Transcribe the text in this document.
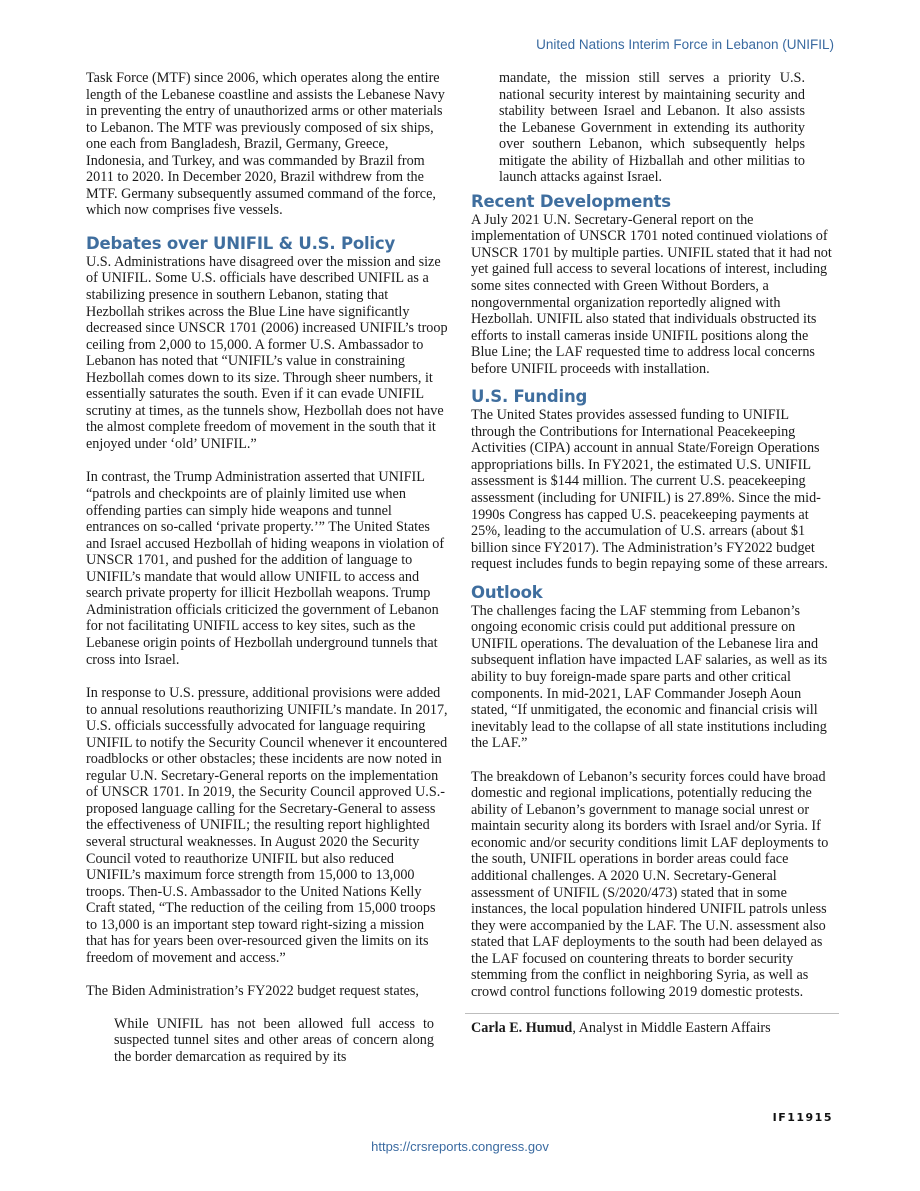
United Nations Interim Force in Lebanon (UNIFIL)

Task Force (MTF) since 2006, which operates along the entire length of the Lebanese coastline and assists the Lebanese Navy in preventing the entry of unauthorized arms or other materials to Lebanon. The MTF was previously composed of six ships, one each from Bangladesh, Brazil, Germany, Greece, Indonesia, and Turkey, and was commanded by Brazil from 2011 to 2020. In December 2020, Brazil withdrew from the MTF. Germany subsequently assumed command of the force, which now comprises five vessels.

Debates over UNIFIL & U.S. Policy

U.S. Administrations have disagreed over the mission and size of UNIFIL. Some U.S. officials have described UNIFIL as a stabilizing presence in southern Lebanon, stating that Hezbollah strikes across the Blue Line have significantly decreased since UNSCR 1701 (2006) increased UNIFIL’s troop ceiling from 2,000 to 15,000. A former U.S. Ambassador to Lebanon has noted that “UNIFIL’s value in constraining Hezbollah comes down to its size. Through sheer numbers, it essentially saturates the south. Even if it can evade UNIFIL scrutiny at times, as the tunnels show, Hezbollah does not have the almost complete freedom of movement in the south that it enjoyed under ‘old’ UNIFIL.”

In contrast, the Trump Administration asserted that UNIFIL “patrols and checkpoints are of plainly limited use when offending parties can simply hide weapons and tunnel entrances on so-called ‘private property.’” The United States and Israel accused Hezbollah of hiding weapons in violation of UNSCR 1701, and pushed for the addition of language to UNIFIL’s mandate that would allow UNIFIL to access and search private property for illicit Hezbollah weapons. Trump Administration officials criticized the government of Lebanon for not facilitating UNIFIL access to key sites, such as the Lebanese origin points of Hezbollah underground tunnels that cross into Israel.

In response to U.S. pressure, additional provisions were added to annual resolutions reauthorizing UNIFIL’s mandate. In 2017, U.S. officials successfully advocated for language requiring UNIFIL to notify the Security Council whenever it encountered roadblocks or other obstacles; these incidents are now noted in regular U.N. Secretary-General reports on the implementation of UNSCR 1701. In 2019, the Security Council approved U.S.-proposed language calling for the Secretary-General to assess the effectiveness of UNIFIL; the resulting report highlighted several structural weaknesses. In August 2020 the Security Council voted to reauthorize UNIFIL but also reduced UNIFIL’s maximum force strength from 15,000 to 13,000 troops. Then-U.S. Ambassador to the United Nations Kelly Craft stated, “The reduction of the ceiling from 15,000 troops to 13,000 is an important step toward right-sizing a mission that has for years been over-resourced given the limits on its freedom of movement and access.”

The Biden Administration’s FY2022 budget request states,

While UNIFIL has not been allowed full access to suspected tunnel sites and other areas of concern along the border demarcation as required by its
mandate, the mission still serves a priority U.S. national security interest by maintaining security and stability between Israel and Lebanon. It also assists the Lebanese Government in extending its authority over southern Lebanon, which subsequently helps mitigate the ability of Hizballah and other militias to launch attacks against Israel.
Recent Developments

A July 2021 U.N. Secretary-General report on the implementation of UNSCR 1701 noted continued violations of UNSCR 1701 by multiple parties. UNIFIL stated that it had not yet gained full access to several locations of interest, including some sites connected with Green Without Borders, a nongovernmental organization reportedly aligned with Hezbollah. UNIFIL also stated that individuals obstructed its efforts to install cameras inside UNIFIL positions along the Blue Line; the LAF requested time to address local concerns before UNIFIL proceeds with installation.

U.S. Funding

The United States provides assessed funding to UNIFIL through the Contributions for International Peacekeeping Activities (CIPA) account in annual State/Foreign Operations appropriations bills. In FY2021, the estimated U.S. UNIFIL assessment is $144 million. The current U.S. peacekeeping assessment (including for UNIFIL) is 27.89%. Since the mid-1990s Congress has capped U.S. peacekeeping payments at 25%, leading to the accumulation of U.S. arrears (about $1 billion since FY2017). The Administration’s FY2022 budget request includes funds to begin repaying some of these arrears.

Outlook

The challenges facing the LAF stemming from Lebanon’s ongoing economic crisis could put additional pressure on UNIFIL operations. The devaluation of the Lebanese lira and subsequent inflation have impacted LAF salaries, as well as its ability to buy foreign-made spare parts and other critical components. In mid-2021, LAF Commander Joseph Aoun stated, “If unmitigated, the economic and financial crisis will inevitably lead to the collapse of all state institutions including the LAF.”

The breakdown of Lebanon’s security forces could have broad domestic and regional implications, potentially reducing the ability of Lebanon’s government to manage social unrest or maintain security along its borders with Israel and/or Syria. If economic and/or security conditions limit LAF deployments to the south, UNIFIL operations in border areas could face additional challenges. A 2020 U.N. Secretary-General assessment of UNIFIL (S/2020/473) stated that in some instances, the local population hindered UNIFIL patrols unless they were accompanied by the LAF. The U.N. assessment also stated that LAF deployments to the south had been delayed as the LAF focused on countering threats to border security stemming from the conflict in neighboring Syria, as well as crowd control functions following 2019 domestic protests.

Carla E. Humud, Analyst in Middle Eastern Affairs

IF11915
https://crsreports.congress.gov
